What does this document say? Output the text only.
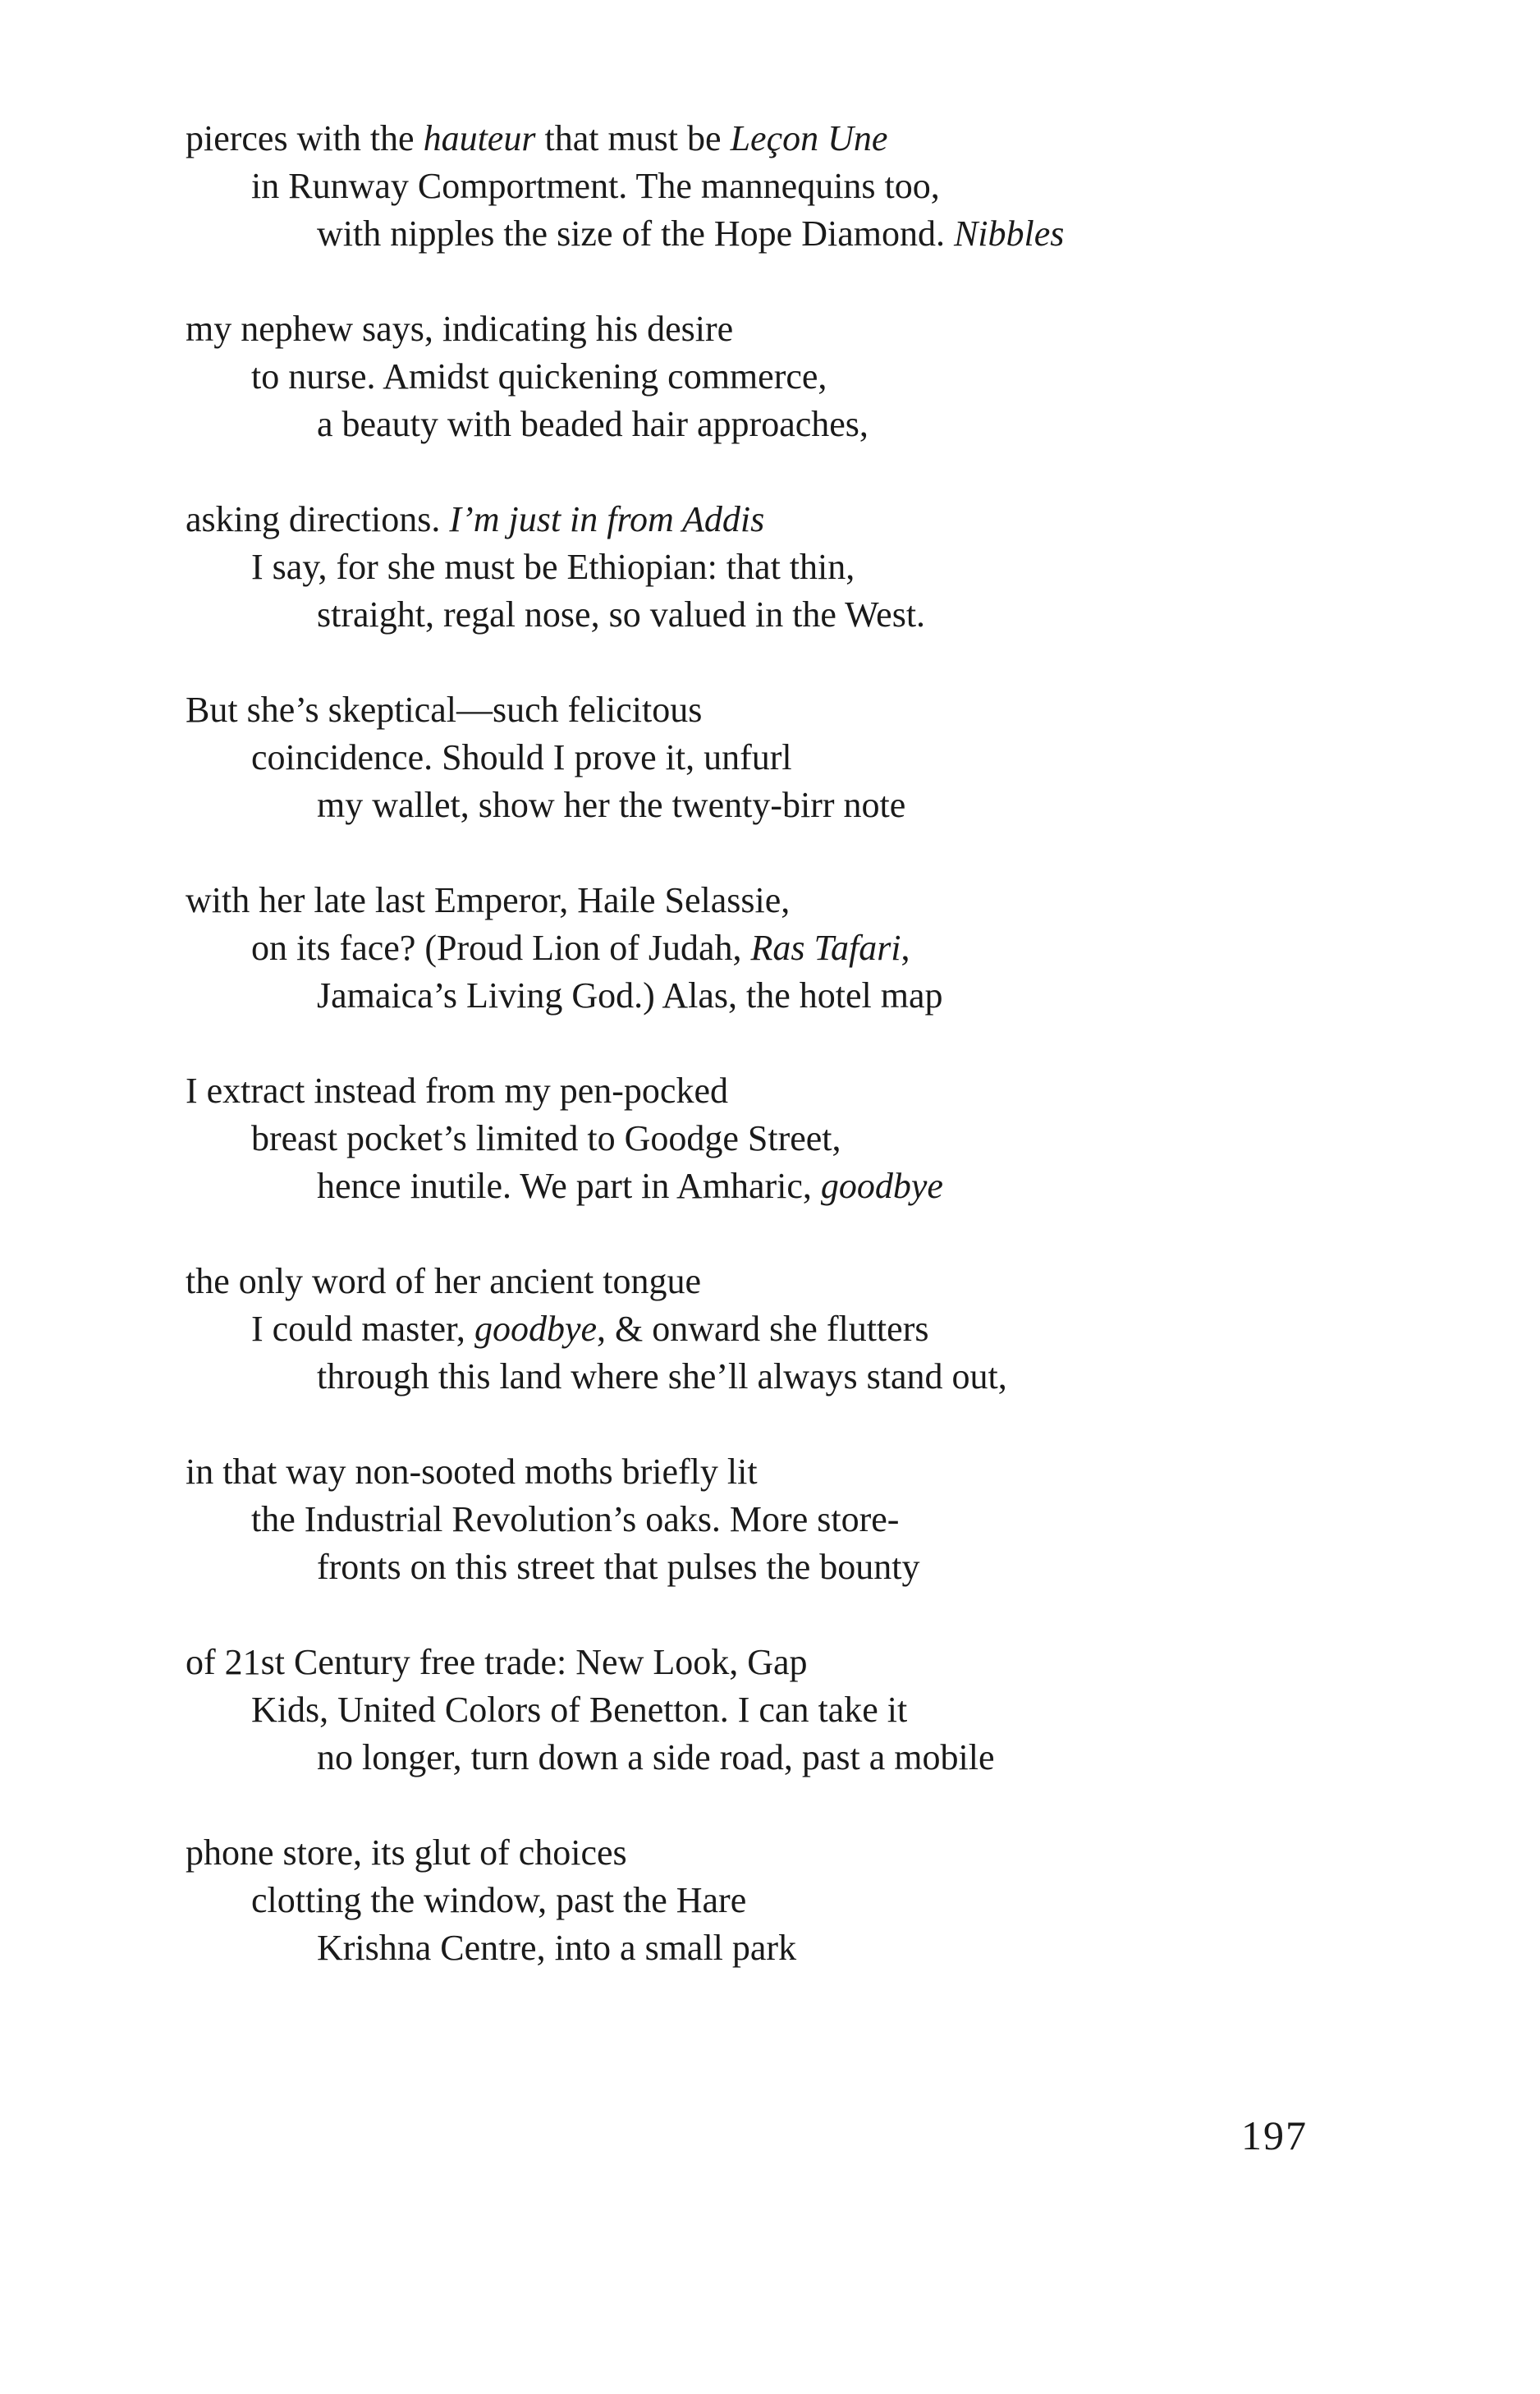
pierces with the hauteur that must be Leçon Une
in Runway Comportment. The mannequins too,
with nipples the size of the Hope Diamond. Nibbles
my nephew says, indicating his desire
to nurse. Amidst quickening commerce,
a beauty with beaded hair approaches,
asking directions. I’m just in from Addis
I say, for she must be Ethiopian: that thin,
straight, regal nose, so valued in the West.
But she’s skeptical—such felicitous
coincidence. Should I prove it, unfurl
my wallet, show her the twenty-birr note
with her late last Emperor, Haile Selassie,
on its face? (Proud Lion of Judah, Ras Tafari,
Jamaica’s Living God.) Alas, the hotel map
I extract instead from my pen-pocked
breast pocket’s limited to Goodge Street,
hence inutile. We part in Amharic, goodbye
the only word of her ancient tongue
I could master, goodbye, & onward she flutters
through this land where she’ll always stand out,
in that way non-sooted moths briefly lit
the Industrial Revolution’s oaks. More store-
fronts on this street that pulses the bounty
of 21st Century free trade: New Look, Gap
Kids, United Colors of Benetton. I can take it
no longer, turn down a side road, past a mobile
phone store, its glut of choices
clotting the window, past the Hare
Krishna Centre, into a small park
197
